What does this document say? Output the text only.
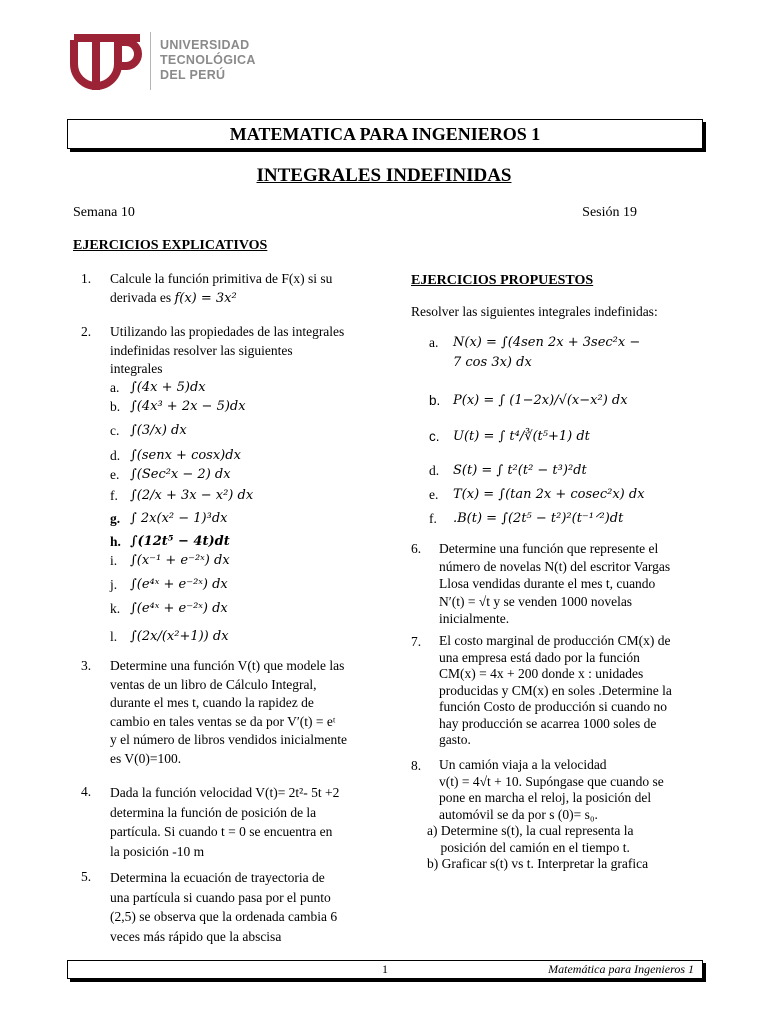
UNIVERSIDAD
TECNOLÓGICA
DEL PERÚ
MATEMATICA PARA INGENIEROS 1
INTEGRALES INDEFINIDAS
Semana 10	Sesión 19
EJERCICIOS EXPLICATIVOS
1. Calcule la función primitiva de F(x) si su
derivada es f(x) = 3x²
2. Utilizando las propiedades de las integrales
indefinidas resolver las siguientes
integrales
a. ∫(4x + 5)dx
b. ∫(4x³ + 2x − 5)dx
c. ∫(3/x) dx
d. ∫(senx + cosx)dx
e. ∫(Sec²x − 2) dx
f. ∫(2/x + 3x − x²) dx
g. ∫ 2x(x² − 1)³dx
h. ∫(12t⁵ − 4t)dt
i. ∫(x⁻¹ + e⁻²ˣ) dx
j. ∫(e⁴ˣ + e⁻²ˣ) dx
k. ∫(e⁴ˣ + e⁻²ˣ) dx
l. ∫(2x/(x²+1)) dx
3. Determine una función V(t) que modele las
ventas de un libro de Cálculo Integral,
durante el mes t, cuando la rapidez de
cambio en tales ventas se da por V′(t) = eᵗ
y el número de libros vendidos inicialmente
es V(0)=100.
4. Dada la función velocidad V(t)= 2t²- 5t +2
determina la función de posición de la
partícula. Si cuando t = 0 se encuentra en
la posición -10 m
5. Determina la ecuación de trayectoria de
una partícula si cuando pasa por el punto
(2,5) se observa que la ordenada cambia 6
veces más rápido que la abscisa
EJERCICIOS PROPUESTOS
Resolver las siguientes integrales indefinidas:
a. N(x) = ∫(4sen 2x + 3sec²x −
7 cos 3x) dx
b. P(x) = ∫ (1−2x)/√(x−x²) dx
c. U(t) = ∫ t⁴/∛(t⁵+1) dt
d. S(t) = ∫ t²(t² − t³)²dt
e. T(x) = ∫(tan 2x + cosec²x) dx
f. .B(t) = ∫(2t⁵ − t²)²(t⁻¹ᐟ²)dt
6. Determine una función que represente el
número de novelas N(t) del escritor Vargas
Llosa vendidas durante el mes t, cuando
N′(t) = √t y se venden 1000 novelas
inicialmente.
7. El costo marginal de producción CM(x) de
una empresa está dado por la función
CM(x) = 4x + 200 donde x : unidades
producidas y CM(x) en soles .Determine la
función Costo de producción si cuando no
hay producción se acarrea 1000 soles de
gasto.
8. Un camión viaja a la velocidad
v(t) = 4√t + 10. Supóngase que cuando se
pone en marcha el reloj, la posición del
automóvil se da por s (0)= s₀.
a) Determine s(t), la cual representa la
posición del camión en el tiempo t.
b) Graficar s(t) vs t. Interpretar la grafica
1	Matemática para Ingenieros 1
